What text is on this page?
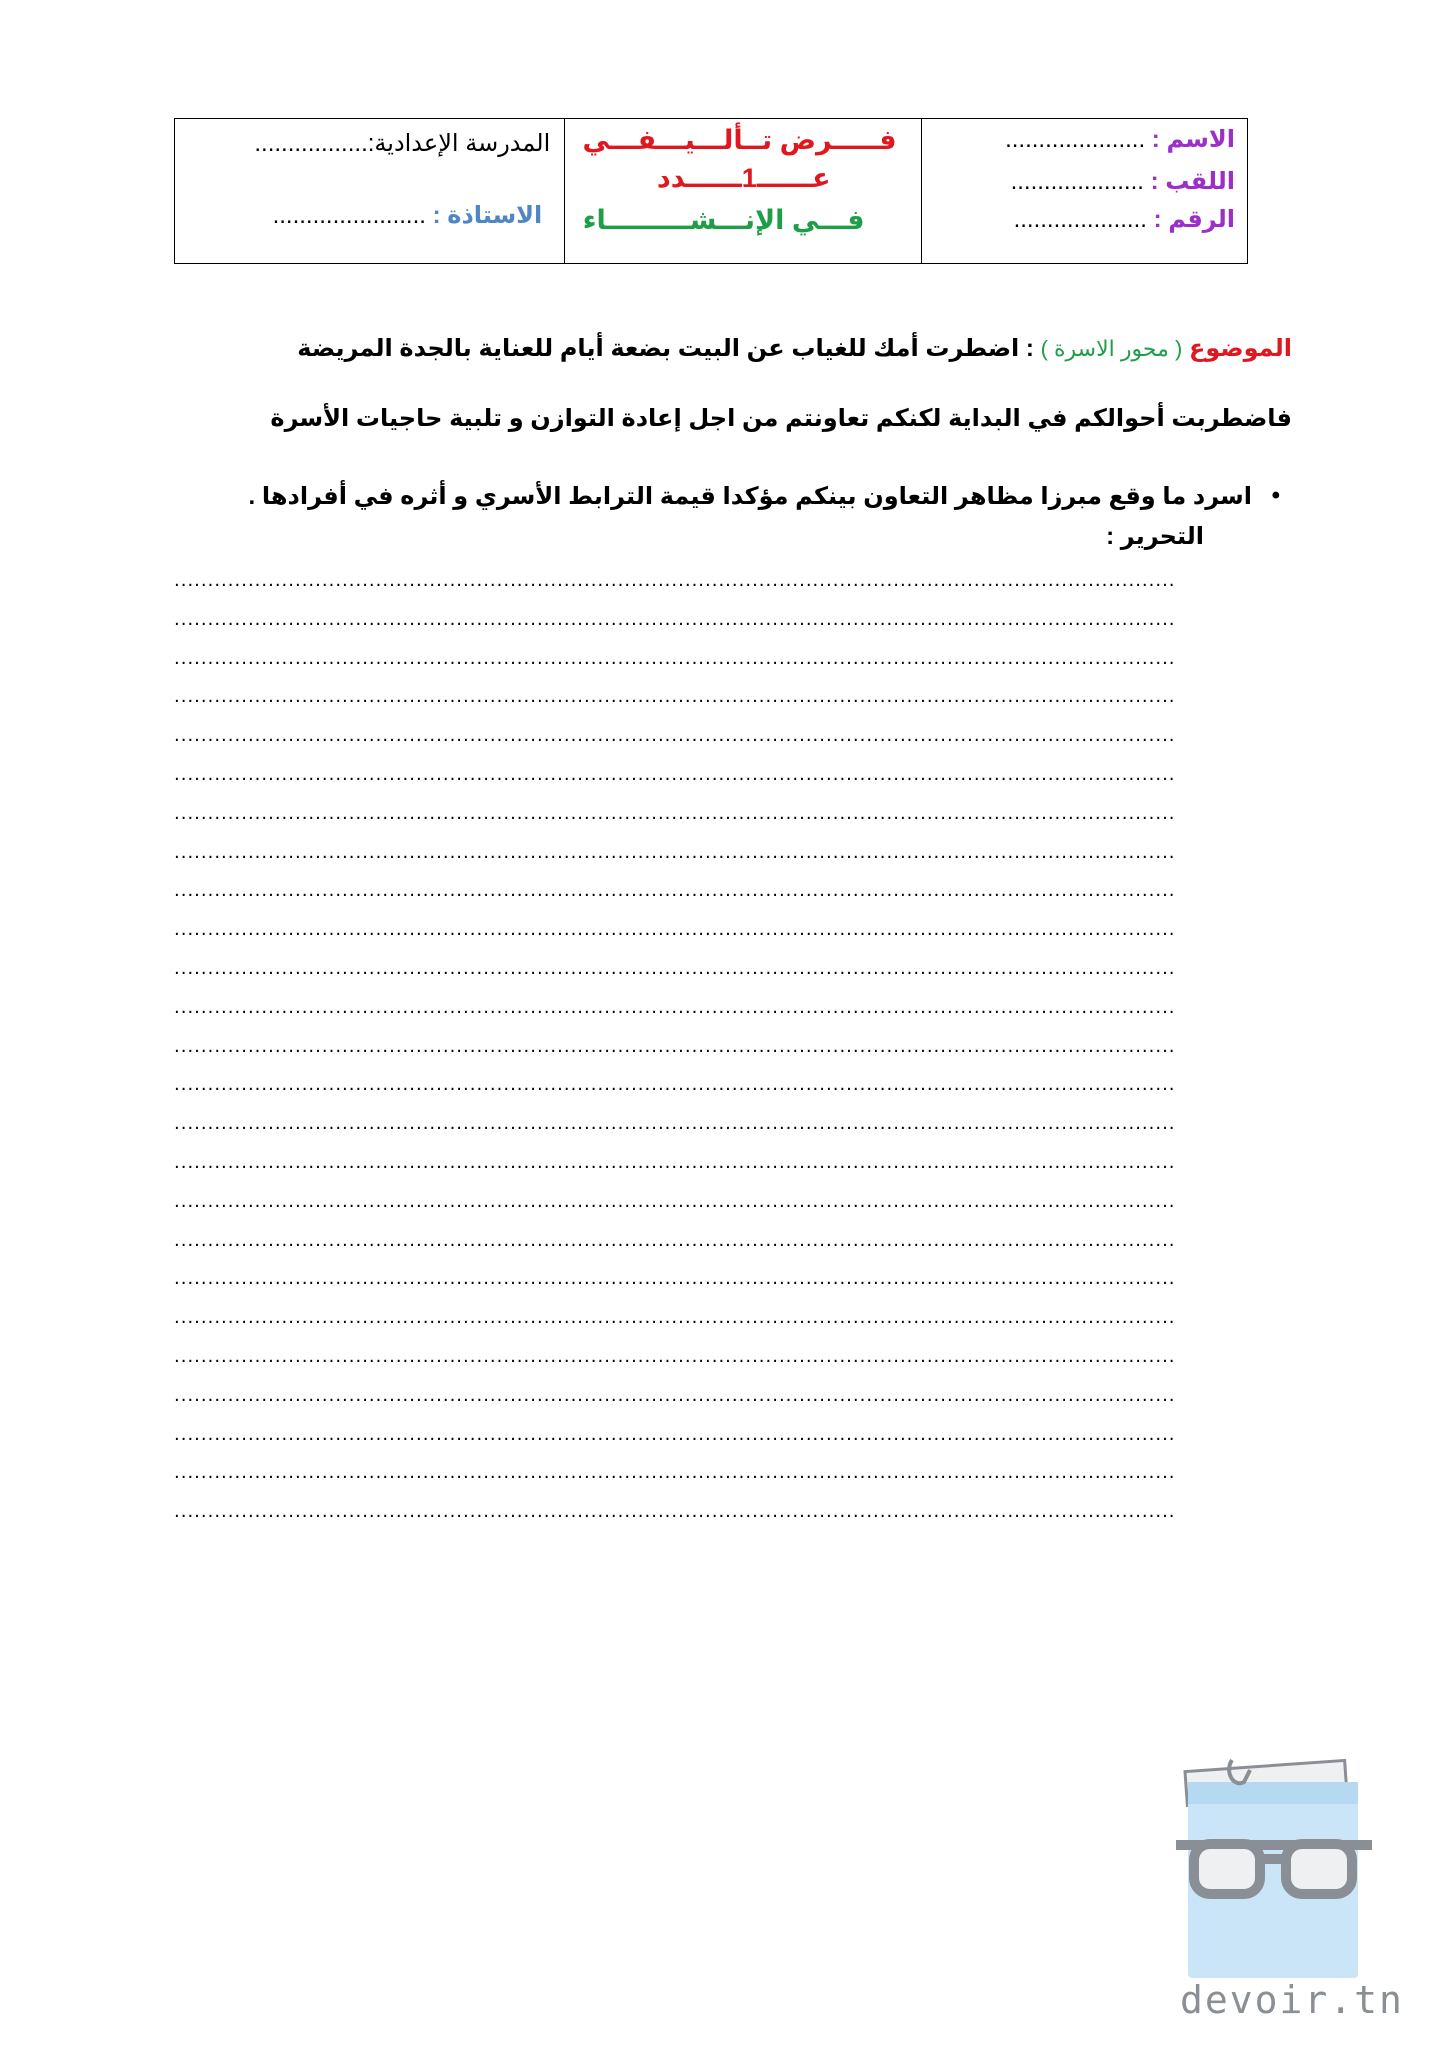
المدرسة الإعدادية:.................
الاستاذة : .......................
فـــــرض تــألـــيـــفـــي
عــــــ1ــــــدد
فـــي الإنـــشـــــــــاء
الاسم : .....................
اللقب : ....................
الرقم : ....................
الموضوع ( محور الاسرة ) : اضطرت أمك للغياب عن البيت بضعة أيام للعناية بالجدة المريضة
فاضطربت أحوالكم في البداية لكنكم تعاونتم من اجل إعادة التوازن و تلبية حاجيات الأسرة
•
اسرد ما وقع مبرزا مظاهر التعاون بينكم مؤكدا قيمة الترابط الأسري و أثره في أفرادها .
التحرير :
.....................................................................................................................................................
.....................................................................................................................................................
.....................................................................................................................................................
.....................................................................................................................................................
.....................................................................................................................................................
.....................................................................................................................................................
.....................................................................................................................................................
.....................................................................................................................................................
.....................................................................................................................................................
.....................................................................................................................................................
.....................................................................................................................................................
.....................................................................................................................................................
.....................................................................................................................................................
.....................................................................................................................................................
.....................................................................................................................................................
.....................................................................................................................................................
.....................................................................................................................................................
.....................................................................................................................................................
.....................................................................................................................................................
.....................................................................................................................................................
.....................................................................................................................................................
.....................................................................................................................................................
.....................................................................................................................................................
.....................................................................................................................................................
.....................................................................................................................................................
devoir.tn
